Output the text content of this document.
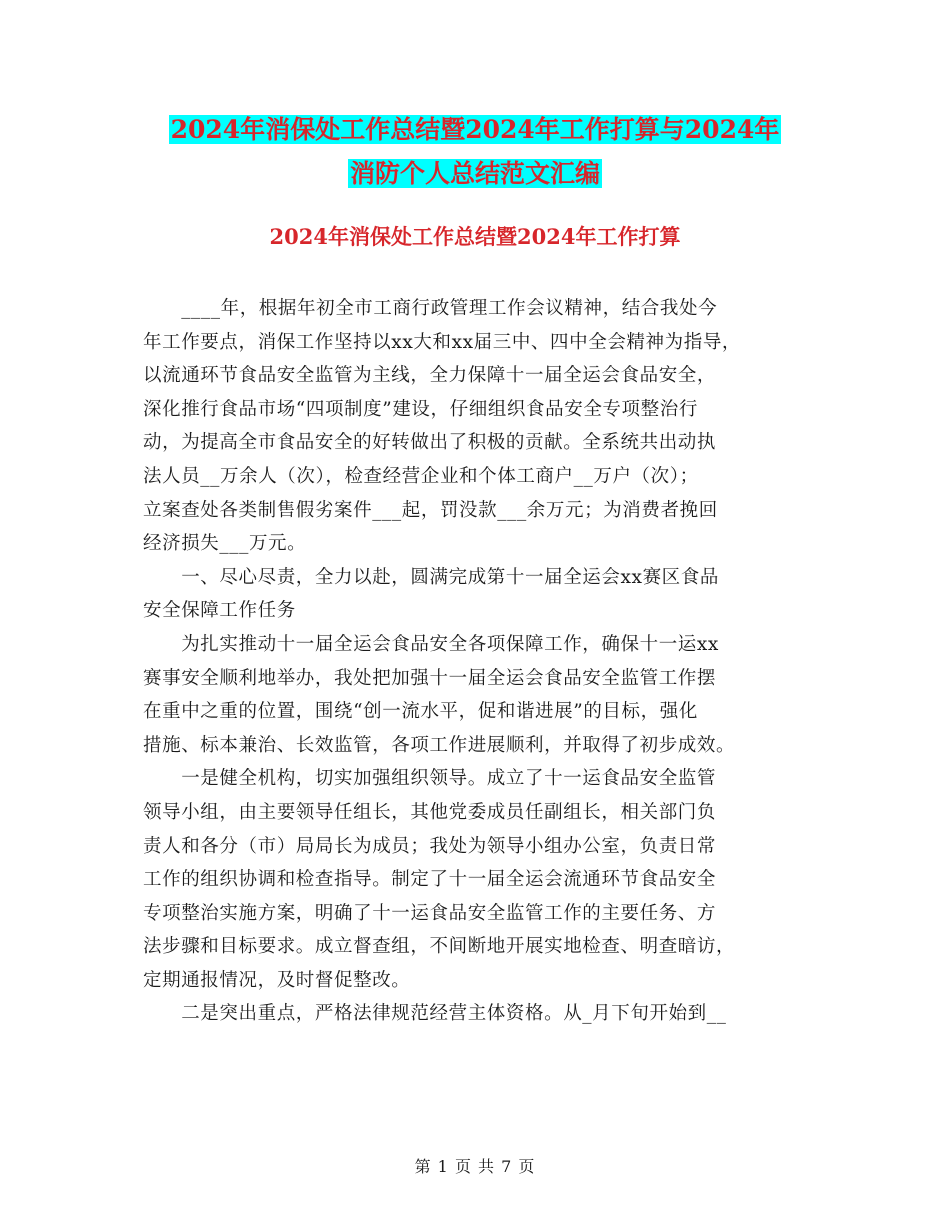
2024年消保处工作总结暨2024年工作打算与2024年
消防个人总结范文汇编
2024年消保处工作总结暨2024年工作打算

　　____年，根据年初全市工商行政管理工作会议精神，结合我处今

年工作要点，消保工作坚持以xx大和xx届三中、四中全会精神为指导，

以流通环节食品安全监管为主线，全力保障十一届全运会食品安全，

深化推行食品市场“四项制度”建设，仔细组织食品安全专项整治行

动，为提高全市食品安全的好转做出了积极的贡献。全系统共出动执

法人员__万余人（次），检查经营企业和个体工商户__万户（次）；

立案查处各类制售假劣案件___起，罚没款___余万元；为消费者挽回

经济损失___万元。

　　一、尽心尽责，全力以赴，圆满完成第十一届全运会xx赛区食品

安全保障工作任务

　　为扎实推动十一届全运会食品安全各项保障工作，确保十一运xx

赛事安全顺利地举办，我处把加强十一届全运会食品安全监管工作摆

在重中之重的位置，围绕“创一流水平，促和谐进展”的目标，强化

措施、标本兼治、长效监管，各项工作进展顺利，并取得了初步成效。

　　一是健全机构，切实加强组织领导。成立了十一运食品安全监管

领导小组，由主要领导任组长，其他党委成员任副组长，相关部门负

责人和各分（市）局局长为成员；我处为领导小组办公室，负责日常

工作的组织协调和检查指导。制定了十一届全运会流通环节食品安全

专项整治实施方案，明确了十一运食品安全监管工作的主要任务、方

法步骤和目标要求。成立督查组，不间断地开展实地检查、明查暗访，

定期通报情况，及时督促整改。

　　二是突出重点，严格法律规范经营主体资格。从_月下旬开始到__

第 1 页 共 7 页
